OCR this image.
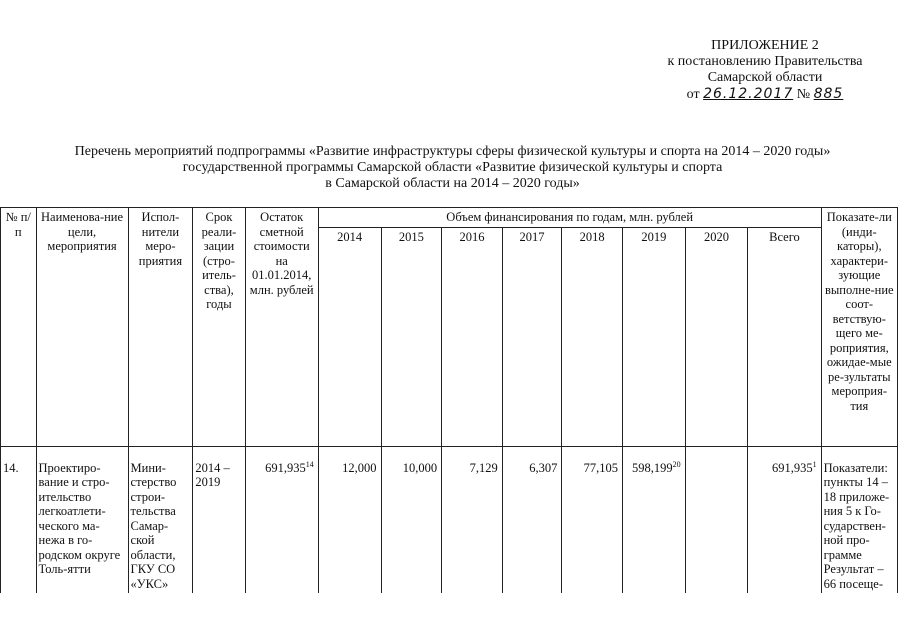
ПРИЛОЖЕНИЕ 2
к постановлению Правительства
Самарской области
от 26.12.2017 № 885
Перечень мероприятий подпрограммы «Развитие инфраструктуры сферы физической культуры и спорта на 2014 – 2020 годы»
государственной программы Самарской области «Развитие физической культуры и спорта
в Самарской области на 2014 – 2020 годы»
№ п/п	Наименова-ние цели, мероприятия	Испол-нители меро-приятия	Срок реали-зации (стро-итель-ства), годы	Остаток сметной стоимости на 01.01.2014, млн. рублей	Объем финансирования по годам, млн. рублей								Показате-ли (инди-каторы), характери-зующие выполне-ние соот-ветствую-щего ме-роприятия, ожидае-мые ре-зультаты мероприя-тия
					2014	2015	2016	2017	2018	2019	2020	Всего	

14.	Проектиро-вание и стро-ительство легкоатлети-ческого ма-нежа в го-родском округе Толь-ятти	Мини-стерство строи-тельства Самар-ской области, ГКУ СО «УКС»	2014 – 2019	691,935$^{14}$	12,000	10,000	7,129	6,307	77,105	598,199$^{20}$		691,935$^1$	Показатели: пункты 14 – 18 приложе-ния 5 к Го-сударствен-ной про-грамме Результат – 66 посеще-
